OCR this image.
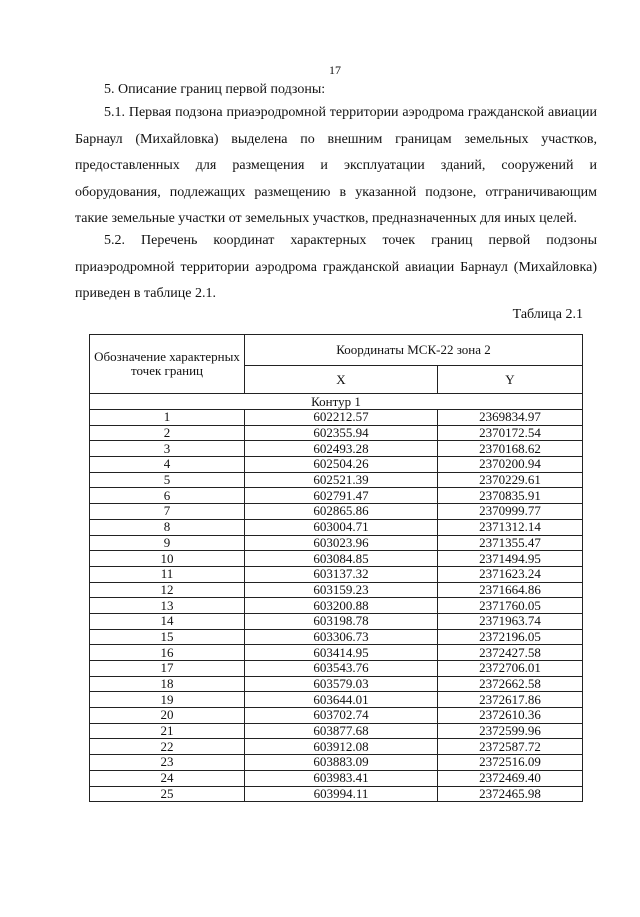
17
5. Описание границ первой подзоны:

5.1. Первая подзона приаэродромной территории аэродрома гражданской авиации Барнаул (Михайловка) выделена по внешним границам земельных участков, предоставленных для размещения и эксплуатации зданий, сооружений и оборудования, подлежащих размещению в указанной подзоне, отграничивающим такие земельные участки от земельных участков, предназначенных для иных целей.

5.2. Перечень координат характерных точек границ первой подзоны приаэродромной территории аэродрома гражданской авиации Барнаул (Михайловка) приведен в таблице 2.1.

Таблица 2.1
Обозначение характерных точек границ	Координаты МСК-22 зона 2	
	X	Y
Контур 1		
1	602212.57	2369834.97
2	602355.94	2370172.54
3	602493.28	2370168.62
4	602504.26	2370200.94
5	602521.39	2370229.61
6	602791.47	2370835.91
7	602865.86	2370999.77
8	603004.71	2371312.14
9	603023.96	2371355.47
10	603084.85	2371494.95
11	603137.32	2371623.24
12	603159.23	2371664.86
13	603200.88	2371760.05
14	603198.78	2371963.74
15	603306.73	2372196.05
16	603414.95	2372427.58
17	603543.76	2372706.01
18	603579.03	2372662.58
19	603644.01	2372617.86
20	603702.74	2372610.36
21	603877.68	2372599.96
22	603912.08	2372587.72
23	603883.09	2372516.09
24	603983.41	2372469.40
25	603994.11	2372465.98
